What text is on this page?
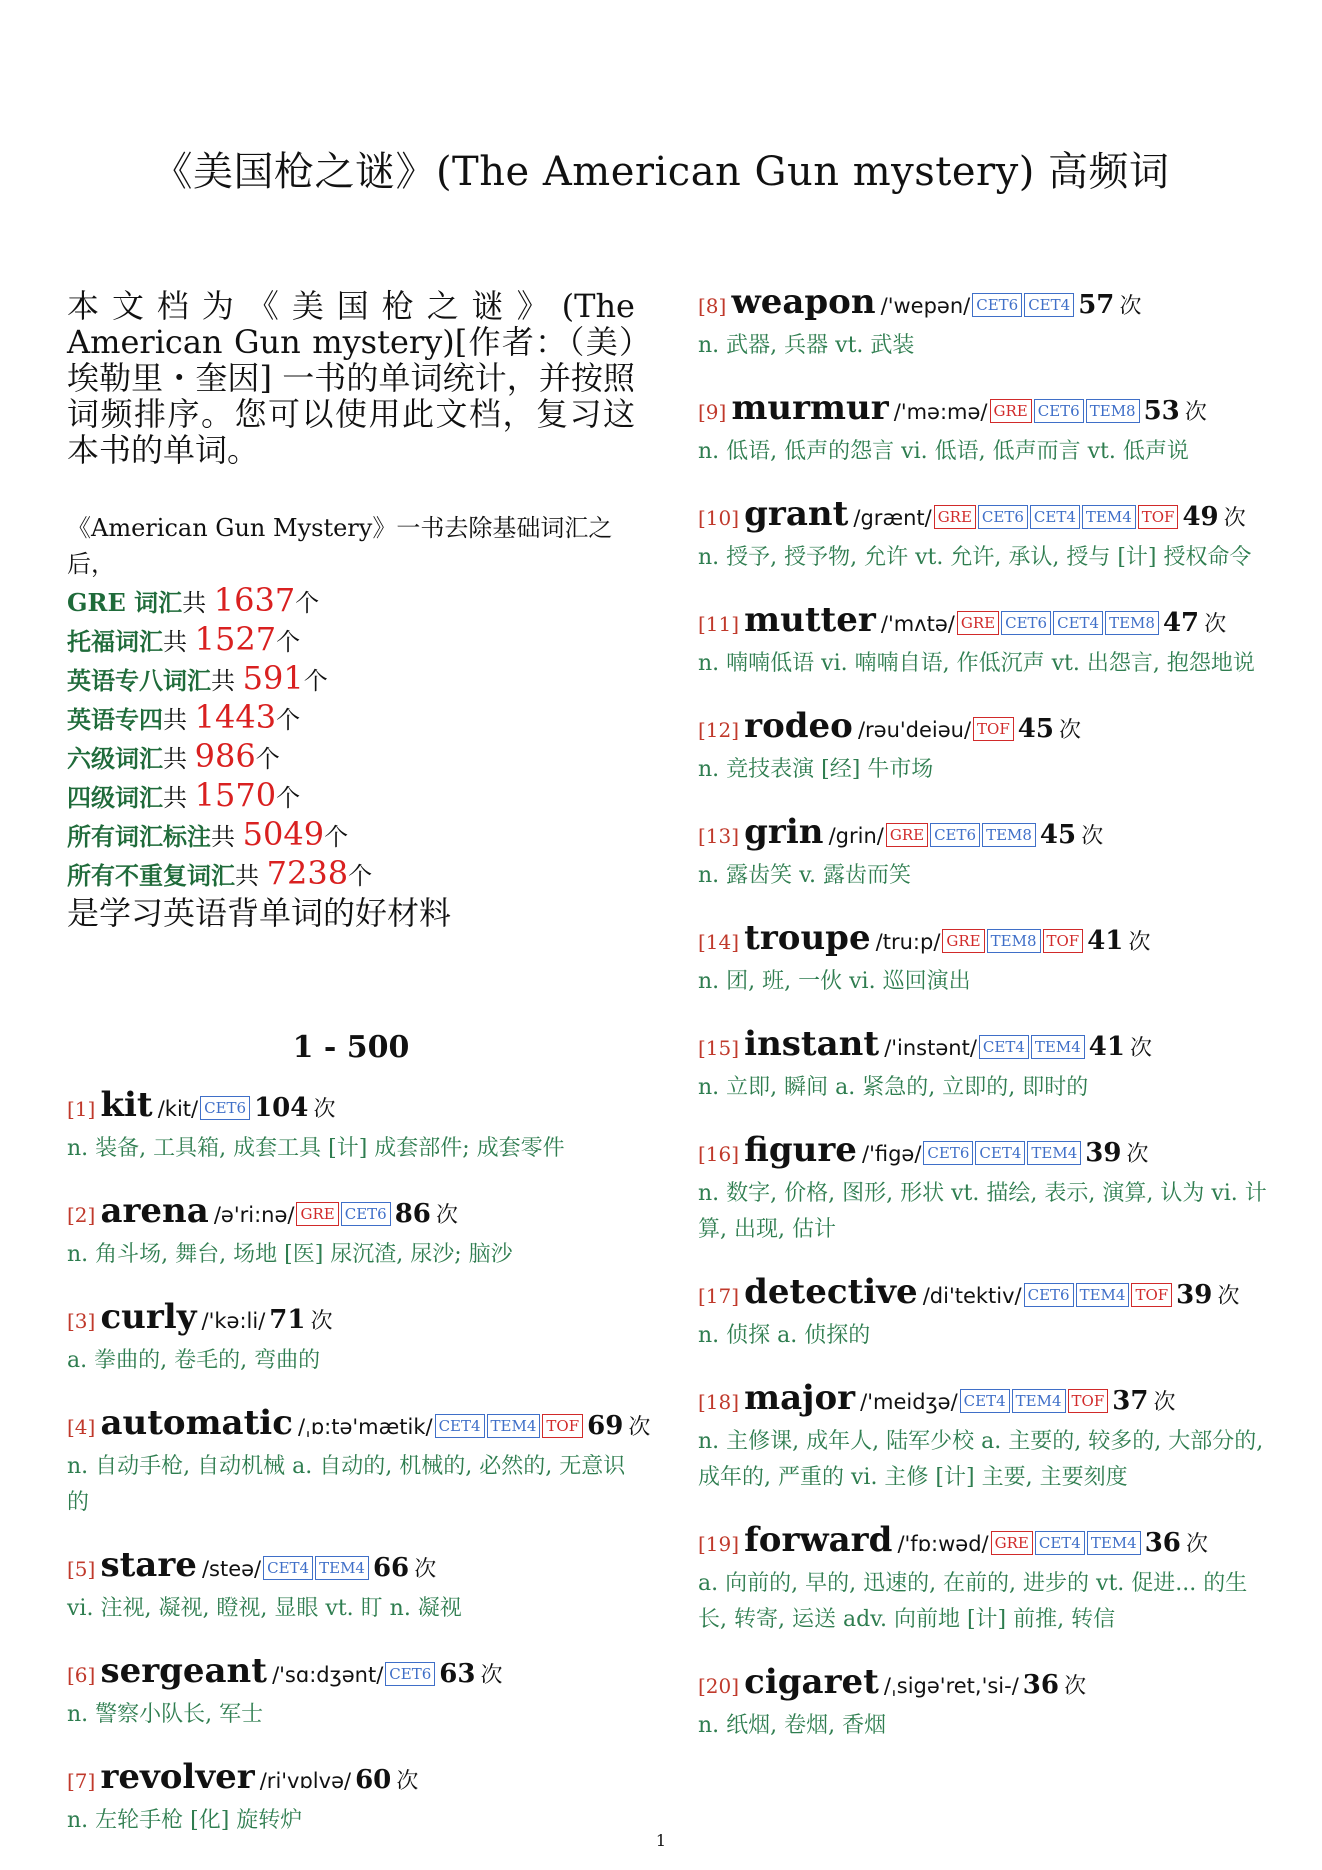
《美国枪之谜》(The American Gun mystery) 高频词

本文档为《美国枪之谜》(The American Gun mystery)[作者：（美）埃勒里・奎因] 一书的单词统计，并按照词频排序。您可以使用此文档，复习这本书的单词。

《American Gun Mystery》一书去除基础词汇之后，
GRE 词汇共 1637个
托福词汇共 1527个
英语专八词汇共 591个
英语专四共 1443个
六级词汇共 986个
四级词汇共 1570个
所有词汇标注共 5049个
所有不重复词汇共 7238个
是学习英语背单词的好材料
1 - 500
[1] kit /kit/ CET6 104 次
n. 装备, 工具箱, 成套工具 [计] 成套部件; 成套零件
[2] arena /ə'ri:nə/ GRE CET6 86 次
n. 角斗场, 舞台, 场地 [医] 尿沉渣, 尿沙; 脑沙
[3] curly /'kə:li/ 71 次
a. 拳曲的, 卷毛的, 弯曲的
[4] automatic /ˌɒ:tə'mætik/ CET4 TEM4 TOF 69 次
n. 自动手枪, 自动机械 a. 自动的, 机械的, 必然的, 无意识的
[5] stare /steə/ CET4 TEM4 66 次
vi. 注视, 凝视, 瞪视, 显眼 vt. 盯 n. 凝视
[6] sergeant /'sɑ:dʒənt/ CET6 63 次
n. 警察小队长, 军士
[7] revolver /ri'vɒlvə/ 60 次
n. 左轮手枪 [化] 旋转炉
[8] weapon /'wepən/ CET6 CET4 57 次
n. 武器, 兵器 vt. 武装
[9] murmur /'mə:mə/ GRE CET6 TEM8 53 次
n. 低语, 低声的怨言 vi. 低语, 低声而言 vt. 低声说
[10] grant /grænt/ GRE CET6 CET4 TEM4 TOF 49 次
n. 授予, 授予物, 允许 vt. 允许, 承认, 授与 [计] 授权命令
[11] mutter /'mʌtə/ GRE CET6 CET4 TEM8 47 次
n. 喃喃低语 vi. 喃喃自语, 作低沉声 vt. 出怨言, 抱怨地说
[12] rodeo /rəu'deiəu/ TOF 45 次
n. 竞技表演 [经] 牛市场
[13] grin /grin/ GRE CET6 TEM8 45 次
n. 露齿笑 v. 露齿而笑
[14] troupe /tru:p/ GRE TEM8 TOF 41 次
n. 团, 班, 一伙 vi. 巡回演出
[15] instant /'instənt/ CET4 TEM4 41 次
n. 立即, 瞬间 a. 紧急的, 立即的, 即时的
[16] figure /'figə/ CET6 CET4 TEM4 39 次
n. 数字, 价格, 图形, 形状 vt. 描绘, 表示, 演算, 认为 vi. 计算, 出现, 估计
[17] detective /di'tektiv/ CET6 TEM4 TOF 39 次
n. 侦探 a. 侦探的
[18] major /'meidʒə/ CET4 TEM4 TOF 37 次
n. 主修课, 成年人, 陆军少校 a. 主要的, 较多的, 大部分的, 成年的, 严重的 vi. 主修 [计] 主要, 主要刻度
[19] forward /'fɒ:wəd/ GRE CET4 TEM4 36 次
a. 向前的, 早的, 迅速的, 在前的, 进步的 vt. 促进... 的生长, 转寄, 运送 adv. 向前地 [计] 前推, 转信
[20] cigaret /ˌsigə'ret,'si-/ 36 次
n. 纸烟, 卷烟, 香烟
1
